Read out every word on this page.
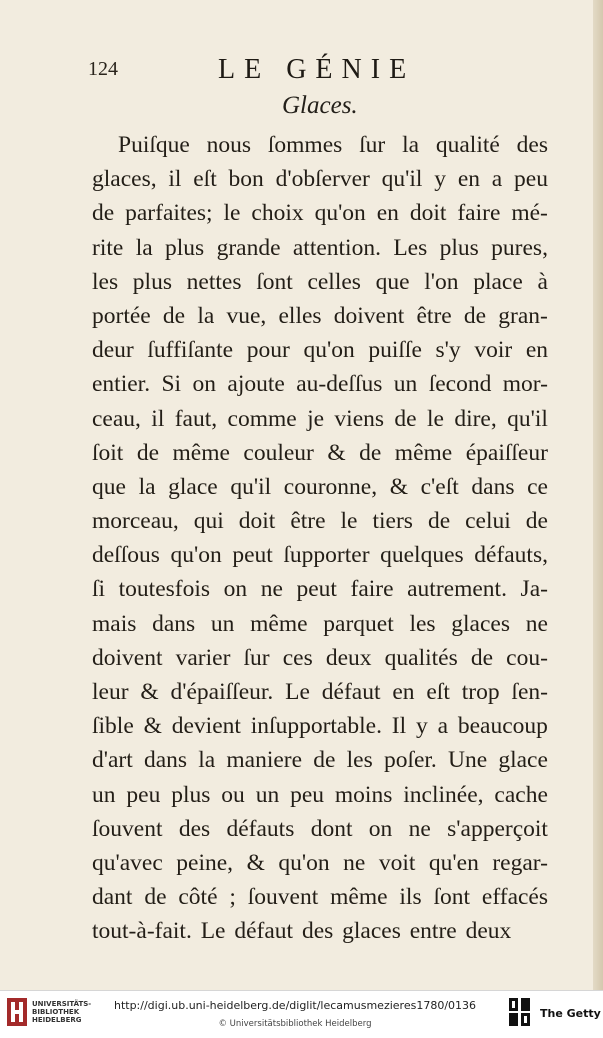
124	LE GÉNIE
Glaces.
Puiſque nous ſommes ſur la qualité des
glaces, il eſt bon d'obſerver qu'il y en a peu
de parfaites; le choix qu'on en doit faire mé-
rite la plus grande attention. Les plus pures,
les plus nettes ſont celles que l'on place à
portée de la vue, elles doivent être de gran-
deur ſuffiſante pour qu'on puiſſe s'y voir en
entier. Si on ajoute au-deſſus un ſecond mor-
ceau, il faut, comme je viens de le dire, qu'il
ſoit de même couleur & de même épaiſſeur
que la glace qu'il couronne, & c'eſt dans ce
morceau, qui doit être le tiers de celui de
deſſous qu'on peut ſupporter quelques défauts,
ſi toutesfois on ne peut faire autrement. Ja-
mais dans un même parquet les glaces ne
doivent varier ſur ces deux qualités de cou-
leur & d'épaiſſeur. Le défaut en eſt trop ſen-
ſible & devient inſupportable. Il y a beaucoup
d'art dans la maniere de les poſer. Une glace
un peu plus ou un peu moins inclinée, cache
ſouvent des défauts dont on ne s'apperçoit
qu'avec peine, & qu'on ne voit qu'en regar-
dant de côté ; ſouvent même ils ſont effacés
tout-à-fait. Le défaut des glaces entre deux
UNIVERSITÄTS-
BIBLIOTHEK
HEIDELBERG
http://digi.ub.uni-heidelberg.de/diglit/lecamusmezieres1780/0136
© Universitätsbibliothek Heidelberg
The Getty
